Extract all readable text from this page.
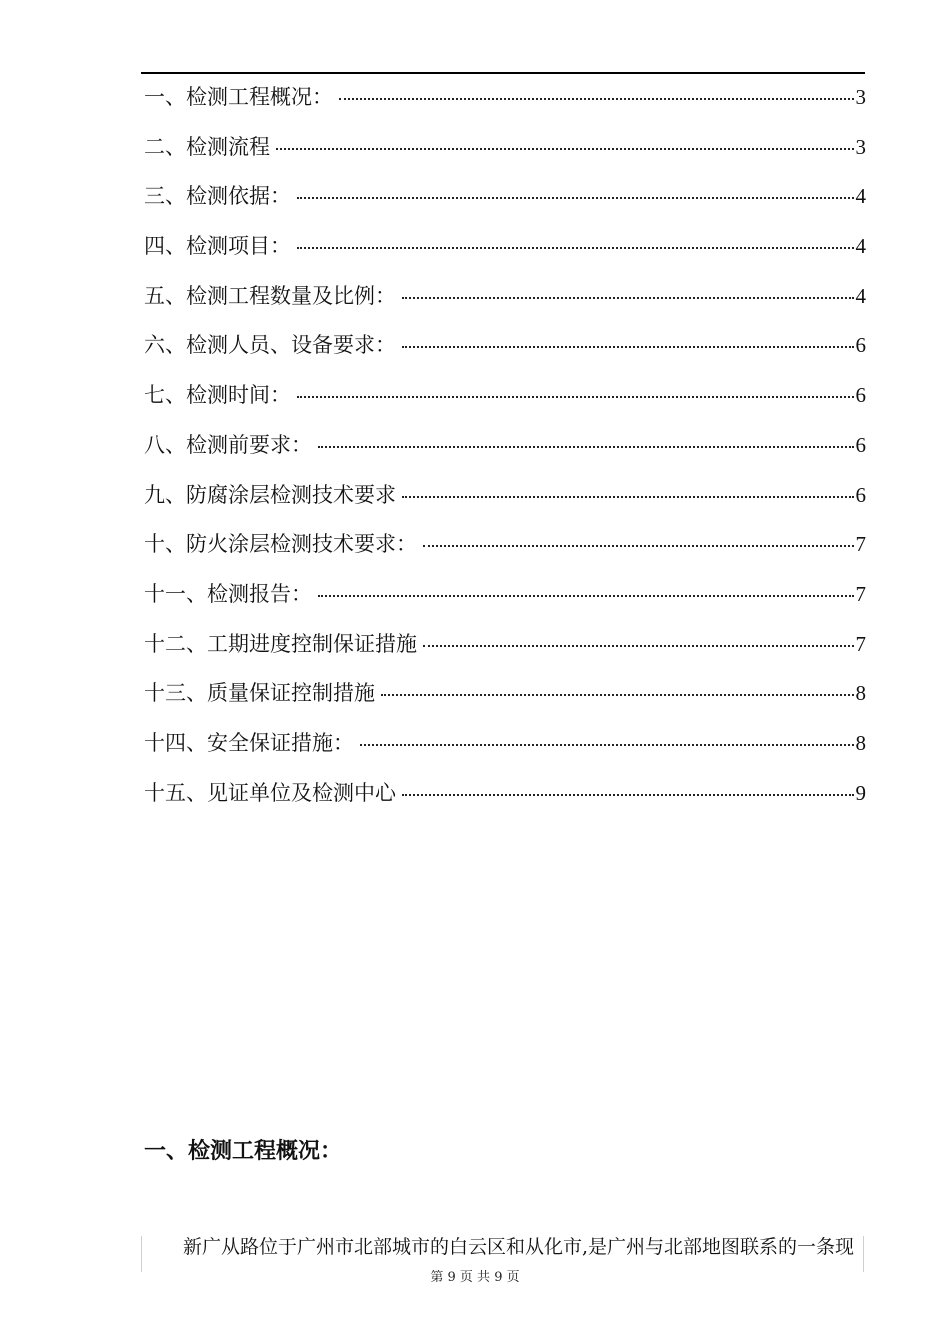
一、检测工程概况：	3
二、检测流程	3
三、检测依据：	4
四、检测项目：	4
五、检测工程数量及比例：	4
六、检测人员、设备要求：	6
七、检测时间：	6
八、检测前要求：	6
九、防腐涂层检测技术要求	6
十、防火涂层检测技术要求：	7
十一、检测报告：	7
十二、工期进度控制保证措施	7
十三、质量保证控制措施	8
十四、安全保证措施：	8
十五、见证单位及检测中心	9
一、检测工程概况：

新广从路位于广州市北部城市的白云区和从化市,是广州与北部地图联系的一条现

第 9 页 共 9 页
